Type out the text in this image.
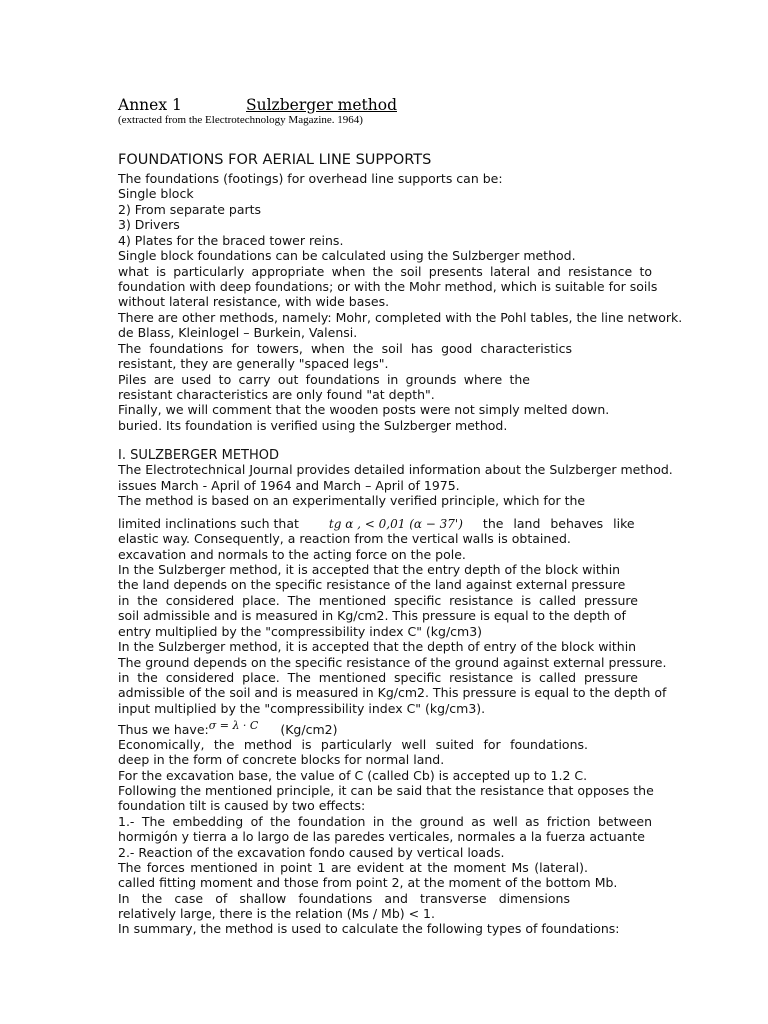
Annex 1	Sulzberger method
(extracted from the Electrotechnology Magazine. 1964)
FOUNDATIONS FOR AERIAL LINE SUPPORTS
The foundations (footings) for overhead line supports can be:
Single block
2) From separate parts
3) Drivers
4) Plates for the braced tower reins.
Single block foundations can be calculated using the Sulzberger method.
what is particularly appropriate when the soil presents lateral and resistance to
foundation with deep foundations; or with the Mohr method, which is suitable for soils
without lateral resistance, with wide bases.
There are other methods, namely: Mohr, completed with the Pohl tables, the line network.
de Blass, Kleinlogel – Burkein, Valensi.
The foundations for towers, when the soil has good characteristics
resistant, they are generally "spaced legs".
Piles are used to carry out foundations in grounds where the
resistant characteristics are only found "at depth".
Finally, we will comment that the wooden posts were not simply melted down.
buried. Its foundation is verified using the Sulzberger method.
I. SULZBERGER METHOD
The Electrotechnical Journal provides detailed information about the Sulzberger method.
issues March - April of 1964 and March – April of 1975.
The method is based on an experimentally verified principle, which for the
limited inclinations such that	tg α , < 0,01 (α − 37') the land behaves like
elastic way. Consequently, a reaction from the vertical walls is obtained.
excavation and normals to the acting force on the pole.
In the Sulzberger method, it is accepted that the entry depth of the block within
the land depends on the specific resistance of the land against external pressure
in the considered place. The mentioned specific resistance is called pressure
soil admissible and is measured in Kg/cm2. This pressure is equal to the depth of
entry multiplied by the "compressibility index C" (kg/cm3)
In the Sulzberger method, it is accepted that the depth of entry of the block within
The ground depends on the specific resistance of the ground against external pressure.
in the considered place. The mentioned specific resistance is called pressure
admissible of the soil and is measured in Kg/cm2. This pressure is equal to the depth of
input multiplied by the "compressibility index C" (kg/cm3).
Thus we have:σ = λ · C (Kg/cm2)
Economically, the method is particularly well suited for foundations.
deep in the form of concrete blocks for normal land.
For the excavation base, the value of C (called Cb) is accepted up to 1.2 C.
Following the mentioned principle, it can be said that the resistance that opposes the
foundation tilt is caused by two effects:
1.- The embedding of the foundation in the ground as well as friction between
hormigón y tierra a lo largo de las paredes verticales, normales a la fuerza actuante
2.- Reaction of the excavation fondo caused by vertical loads.
The forces mentioned in point 1 are evident at the moment Ms (lateral).
called fitting moment and those from point 2, at the moment of the bottom Mb.
In the case of shallow foundations and transverse dimensions
relatively large, there is the relation (Ms / Mb) < 1.
In summary, the method is used to calculate the following types of foundations:
